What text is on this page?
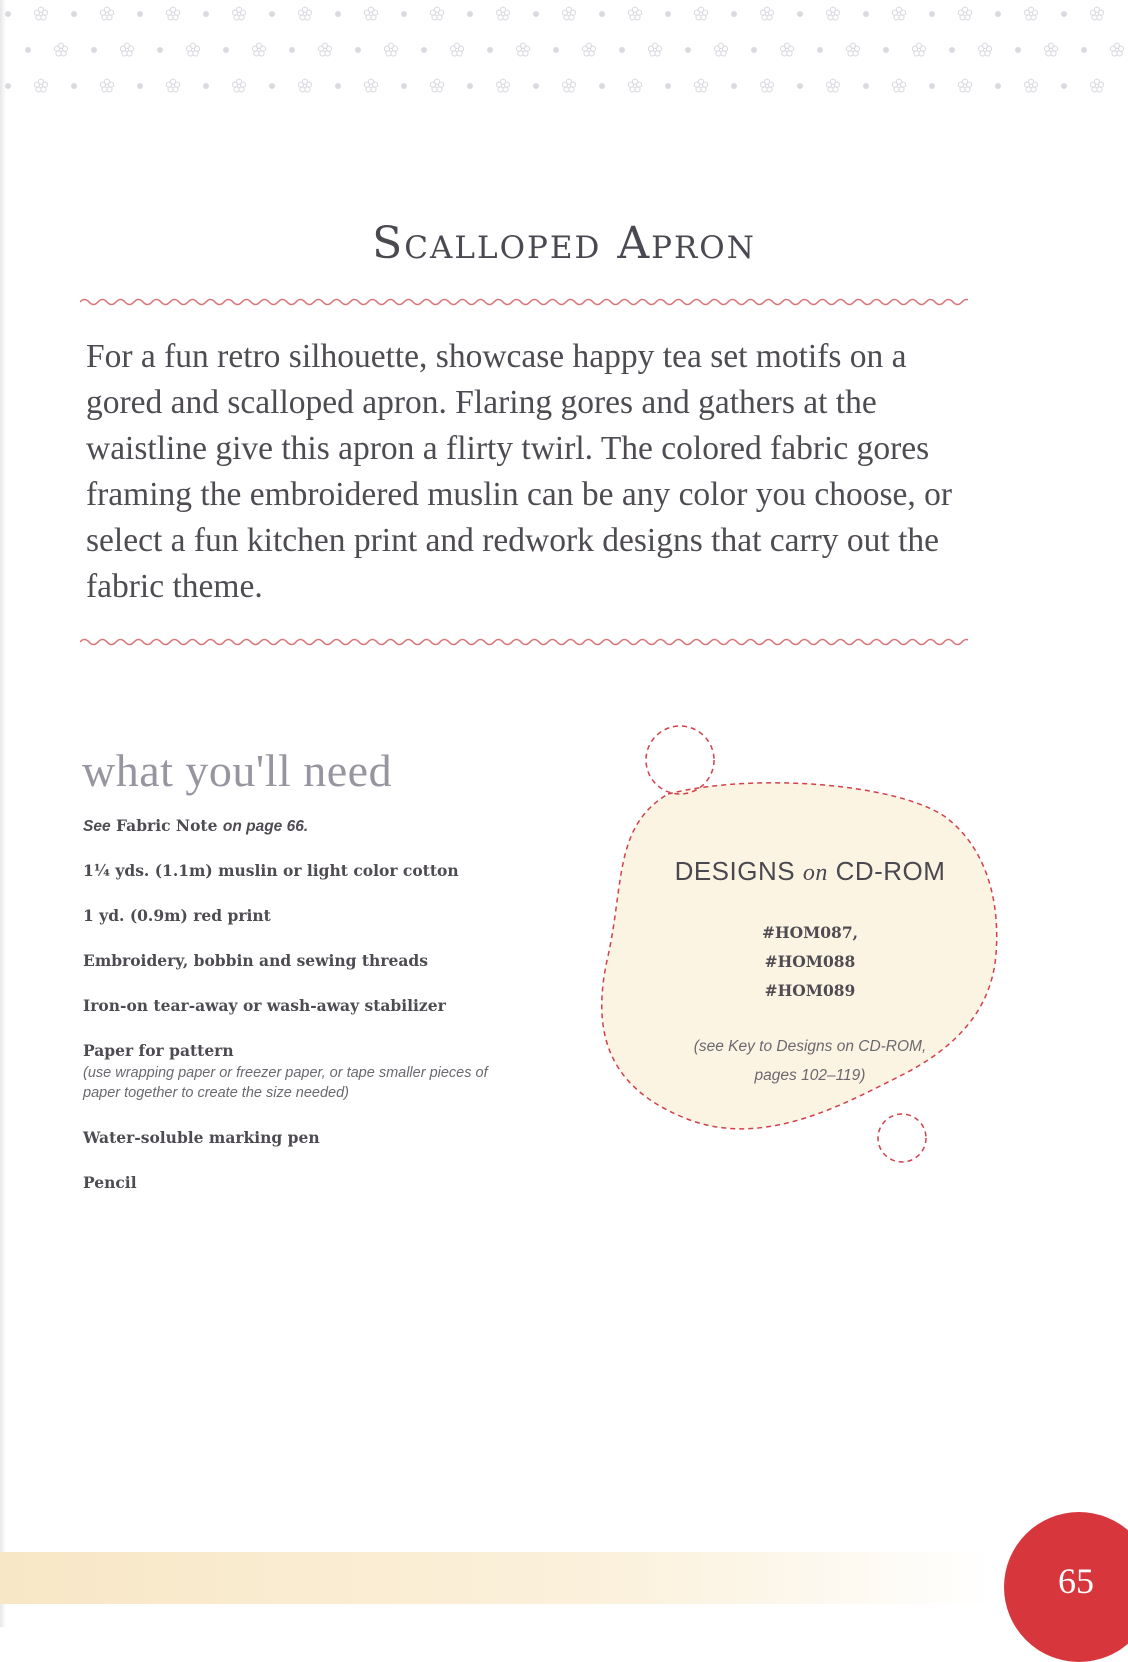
Scalloped Apron

For a fun retro silhouette, showcase happy tea set motifs on a gored and scalloped apron. Flaring gores and gathers at the waistline give this apron a flirty twirl. The colored fabric gores framing the embroidered muslin can be any color you choose, or select a fun kitchen print and redwork designs that carry out the fabric theme.

what you'll need
See Fabric Note on page 66.
1¼ yds. (1.1m) muslin or light color cotton
1 yd. (0.9m) red print
Embroidery, bobbin and sewing threads
Iron-on tear-away or wash-away stabilizer
Paper for pattern
(use wrapping paper or freezer paper, or tape smaller pieces of paper together to create the size needed)
Water-soluble marking pen
Pencil
DESIGNS on CD-ROM
#HOM087,
#HOM088
#HOM089
(see Key to Designs on CD-ROM,
pages 102–119)
65
